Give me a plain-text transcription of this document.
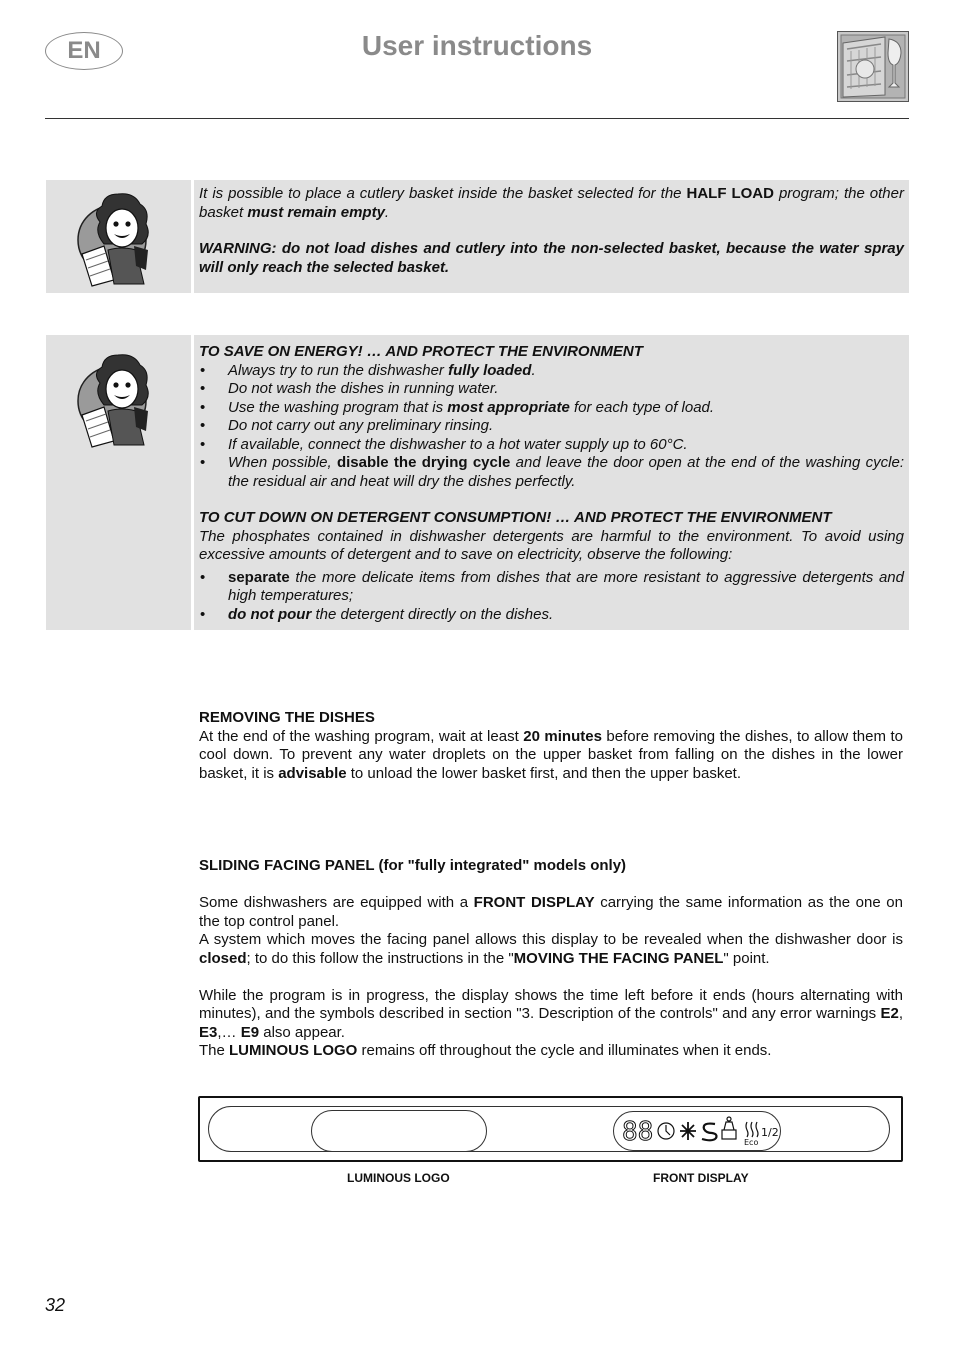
EN	User instructions

It is possible to place a cutlery basket inside the basket selected for the HALF LOAD program; the other basket must remain empty.

WARNING: do not load dishes and cutlery into the non-selected basket, because the water spray will only reach the selected basket.

TO SAVE ON ENERGY! … AND PROTECT THE ENVIRONMENT

• Always try to run the dishwasher fully loaded.
• Do not wash the dishes in running water.
• Use the washing program that is most appropriate for each type of load.
• Do not carry out any preliminary rinsing.
• If available, connect the dishwasher to a hot water supply up to 60°C.
• When possible, disable the drying cycle and leave the door open at the end of the washing cycle: the residual air and heat will dry the dishes perfectly.

TO CUT DOWN ON DETERGENT CONSUMPTION! … AND PROTECT THE ENVIRONMENT

The phosphates contained in dishwasher detergents are harmful to the environment. To avoid using excessive amounts of detergent and to save on electricity, observe the following:

• separate the more delicate items from dishes that are more resistant to aggressive detergents and high temperatures;
• do not pour the detergent directly on the dishes.

REMOVING THE DISHES

At the end of the washing program, wait at least 20 minutes before removing the dishes, to allow them to cool down. To prevent any water droplets on the upper basket from falling on the dishes in the lower basket, it is advisable to unload the lower basket first, and then the upper basket.

SLIDING FACING PANEL (for "fully integrated" models only)

Some dishwashers are equipped with a FRONT DISPLAY carrying the same information as the one on the top control panel.

A system which moves the facing panel allows this display to be revealed when the dishwasher door is closed; to do this follow the instructions in the "MOVING THE FACING PANEL" point.

While the program is in progress, the display shows the time left before it ends (hours alternating with minutes), and the symbols described in section "3. Description of the controls" and any error warnings E2, E3,… E9 also appear.

The LUMINOUS LOGO remains off throughout the cycle and illuminates when it ends.

88	Eco
1/2
LUMINOUS LOGO	FRONT DISPLAY
32
